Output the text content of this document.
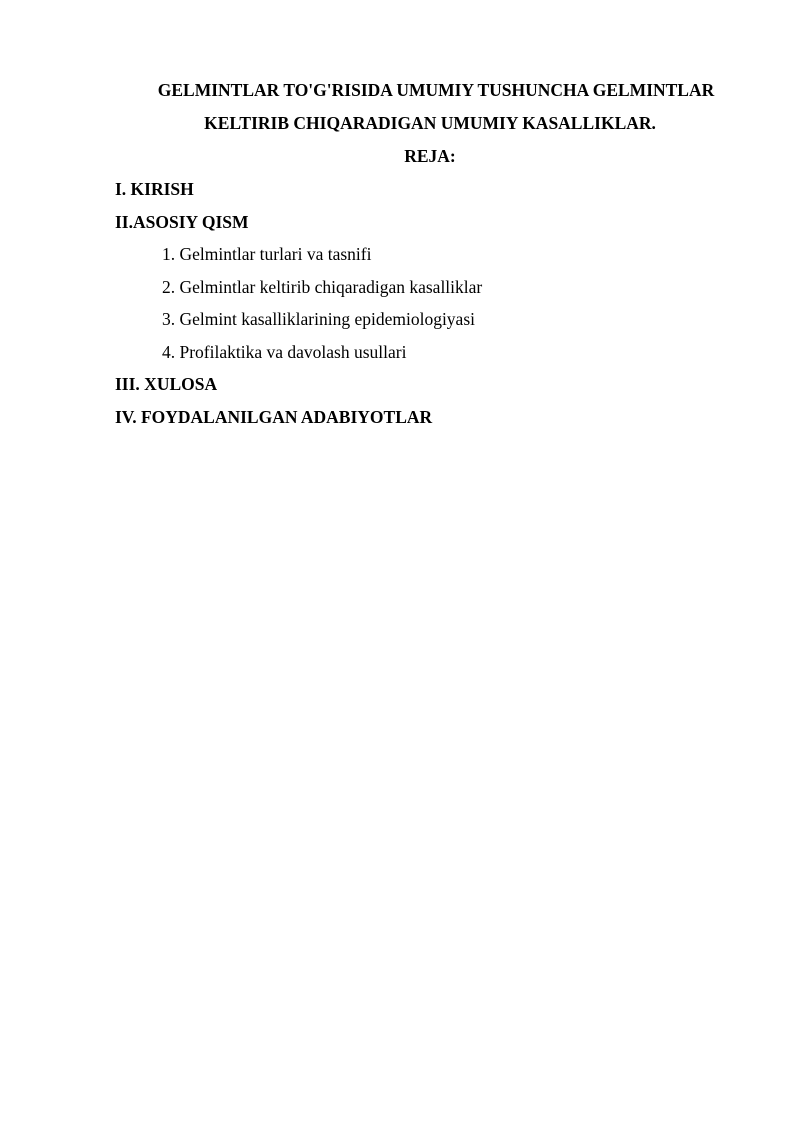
GELMINTLAR TO'G'RISIDA UMUMIY TUSHUNCHA GELMINTLAR
KELTIRIB CHIQARADIGAN UMUMIY KASALLIKLAR.
REJA:
I. KIRISH
II.ASOSIY QISM
1. Gelmintlar turlari va tasnifi
2. Gelmintlar keltirib chiqaradigan kasalliklar
3. Gelmint kasalliklarining epidemiologiyasi
4. Profilaktika va davolash usullari
III. XULOSA
IV. FOYDALANILGAN ADABIYOTLAR
